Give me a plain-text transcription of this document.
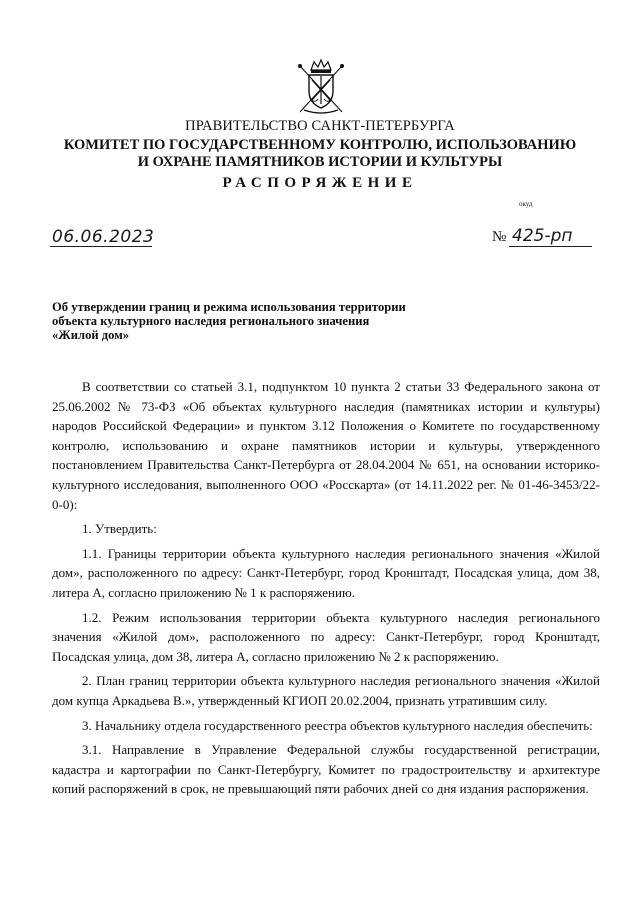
ПРАВИТЕЛЬСТВО САНКТ-ПЕТЕРБУРГА
КОМИТЕТ ПО ГОСУДАРСТВЕННОМУ КОНТРОЛЮ, ИСПОЛЬЗОВАНИЮ
И ОХРАНЕ ПАМЯТНИКОВ ИСТОРИИ И КУЛЬТУРЫ
РАСПОРЯЖЕНИЕ
окуд
06.06.2023	№ 425-рп
Об утверждении границ и режима использования территории
объекта культурного наследия регионального значения
«Жилой дом»

В соответствии со статьей 3.1, подпунктом 10 пункта 2 статьи 33 Федерального закона от 25.06.2002 № 73-ФЗ «Об объектах культурного наследия (памятниках истории и культуры) народов Российской Федерации» и пунктом 3.12 Положения о Комитете по государственному контролю, использованию и охране памятников истории и культуры, утвержденного постановлением Правительства Санкт-Петербурга от 28.04.2004 № 651, на основании историко-культурного исследования, выполненного ООО «Росскарта» (от 14.11.2022 рег. № 01-46-3453/22-0-0):

1. Утвердить:

1.1. Границы территории объекта культурного наследия регионального значения «Жилой дом», расположенного по адресу: Санкт-Петербург, город Кронштадт, Посадская улица, дом 38, литера А, согласно приложению № 1 к распоряжению.

1.2. Режим использования территории объекта культурного наследия регионального значения «Жилой дом», расположенного по адресу: Санкт-Петербург, город Кронштадт, Посадская улица, дом 38, литера А, согласно приложению № 2 к распоряжению.

2. План границ территории объекта культурного наследия регионального значения «Жилой дом купца Аркадьева В.», утвержденный КГИОП 20.02.2004, признать утратившим силу.

3. Начальнику отдела государственного реестра объектов культурного наследия обеспечить:

3.1. Направление в Управление Федеральной службы государственной регистрации, кадастра и картографии по Санкт-Петербургу, Комитет по градостроительству и архитектуре копий распоряжений в срок, не превышающий пяти рабочих дней со дня издания распоряжения.
